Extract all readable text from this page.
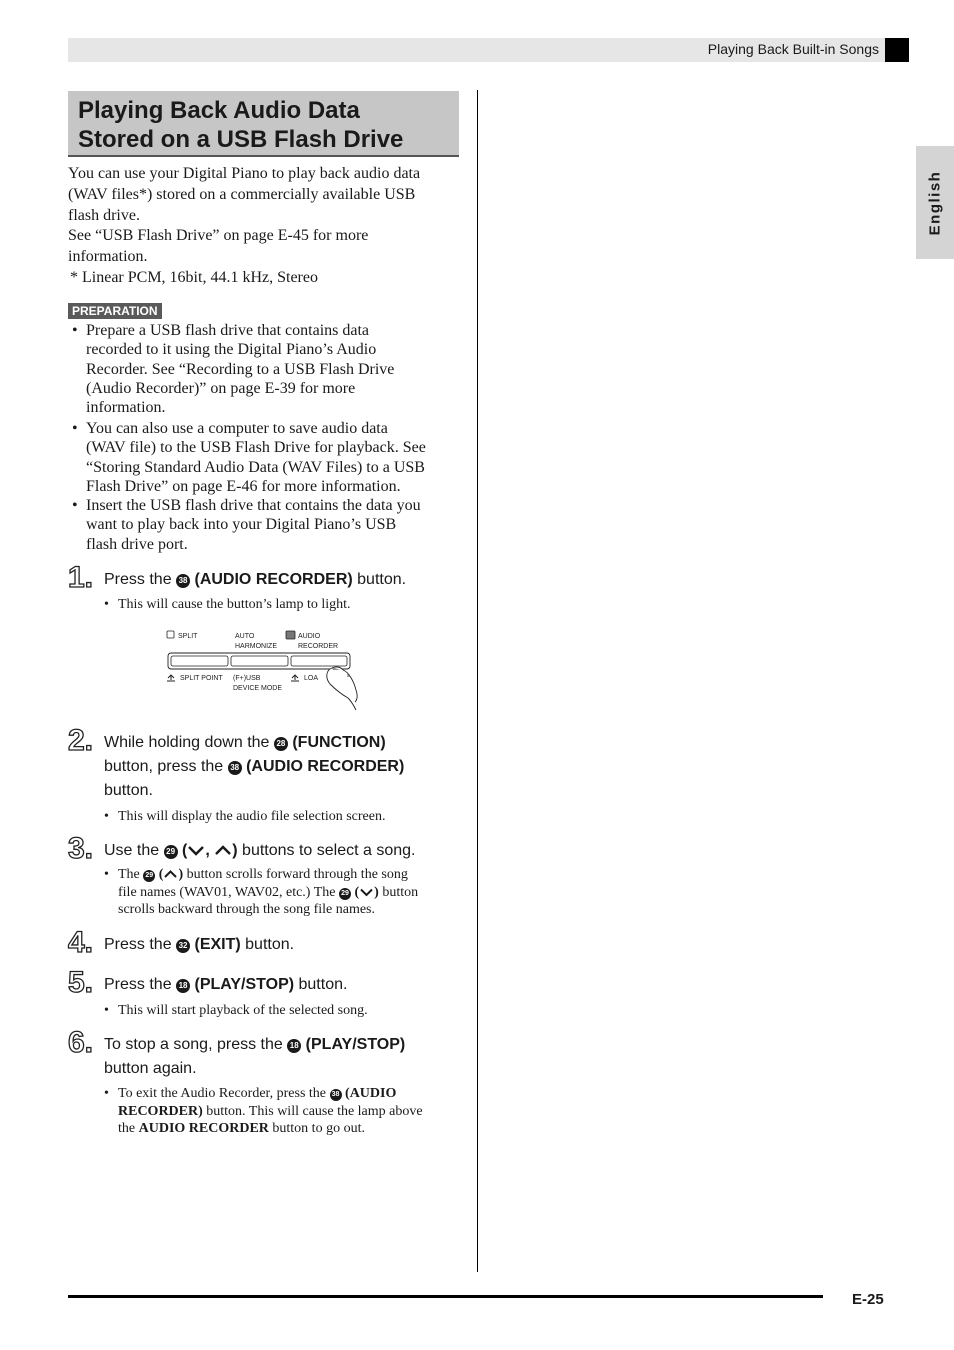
Playing Back Built-in Songs
English
Playing Back Audio Data
Stored on a USB Flash Drive
You can use your Digital Piano to play back audio data
(WAV files*) stored on a commercially available USB
flash drive.
See “USB Flash Drive” on page E-45 for more
information.
* Linear PCM, 16bit, 44.1 kHz, Stereo
PREPARATION
• Prepare a USB flash drive that contains data
recorded to it using the Digital Piano’s Audio
Recorder. See “Recording to a USB Flash Drive
(Audio Recorder)” on page E-39 for more
information.
• You can also use a computer to save audio data
(WAV file) to the USB Flash Drive for playback. See
“Storing Standard Audio Data (WAV Files) to a USB
Flash Drive” on page E-46 for more information.
• Insert the USB flash drive that contains the data you
want to play back into your Digital Piano’s USB
flash drive port.
1. Press the 38 (AUDIO RECORDER) button.
• This will cause the button’s lamp to light.
SPLIT	AUTO
HARMONIZE
AUDIO
RECORDER
SPLIT POINT (F+)USB
DEVICE MODE
LOA	s
2. While holding down the 28 (FUNCTION)
button, press the 38 (AUDIO RECORDER)
button.
• This will display the audio file selection screen.
3. Use the 29 ( , ) buttons to select a song.
• The 29 ( ) button scrolls forward through the song
file names (WAV01, WAV02, etc.) The 29 ( ) button
scrolls backward through the song file names.
4. Press the 32 (EXIT) button.
5. Press the 18 (PLAY/STOP) button.
• This will start playback of the selected song.
6. To stop a song, press the 18 (PLAY/STOP)
button again.
• To exit the Audio Recorder, press the 38 (AUDIO
RECORDER) button. This will cause the lamp above
the AUDIO RECORDER button to go out.
E-25
